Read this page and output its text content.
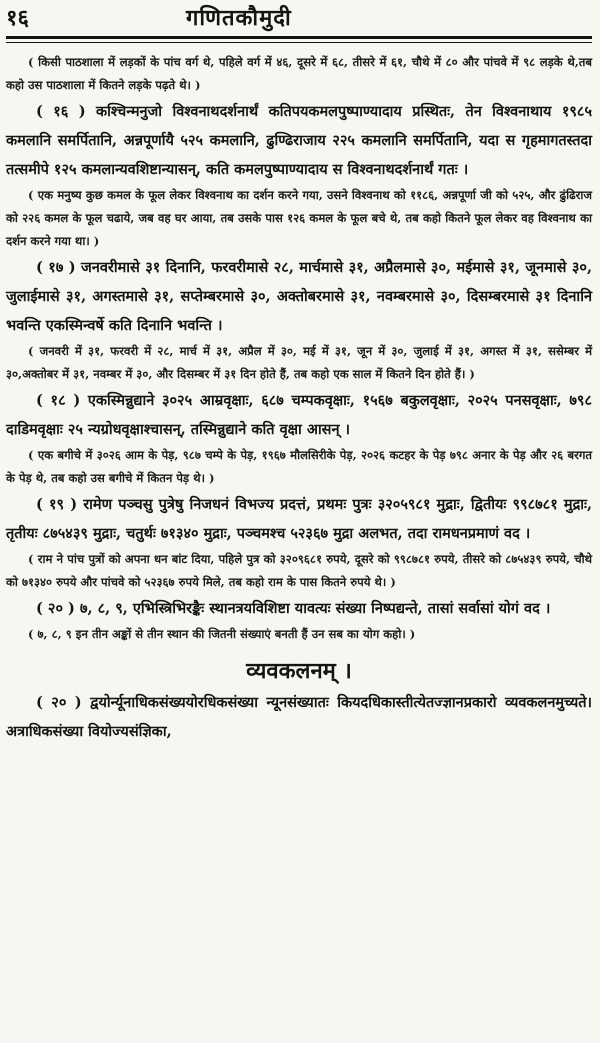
१६	गणितकौमुदी

( किसी पाठशाला में लड़कों के पांच वर्ग थे, पहिले वर्ग में ४६, दूसरे में ६८, तीसरे में ६१, चौथे में ८० और पांचवे में ९८ लड़के थे,तब कहो उस पाठशाला में कितने लड़के पढ़ते थे। )

( १६ ) कश्चिन्मनुजो विश्वनाथदर्शनार्थं कतिपयकमलपुष्पाण्यादाय प्रस्थितः, तेन विश्वनाथाय १९८५ कमलानि समर्पितानि, अन्नपूर्णायै ५२५ कमलानि, ढुण्ढिराजाय २२५ कमलानि समर्पितानि, यदा स गृहमागतस्तदा तत्समीपे १२५ कमलान्यवशिष्टान्यासन्, कति कमलपुष्पाण्यादाय स विश्वनाथदर्शनार्थं गतः ।

( एक मनुष्य कुछ कमल के फूल लेकर विश्वनाथ का दर्शन करने गया, उसने विश्वनाथ को ११८६, अन्नपूर्णा जी को ५२५, और ढुंढिराज को २२६ कमल के फूल चढाये, जब वह घर आया, तब उसके पास १२६ कमल के फूल बचे थे, तब कहो कितने फूल लेकर वह विश्वनाथ का दर्शन करने गया था। )

( १७ ) जनवरीमासे ३१ दिनानि, फरवरीमासे २८, मार्चमासे ३१, अप्रैलमासे ३०, मईमासे ३१, जूनमासे ३०, जुलाईमासे ३१, अगस्तमासे ३१, सप्तेम्बरमासे ३०, अक्तोबरमासे ३१, नवम्बरमासे ३०, दिसम्बरमासे ३१ दिनानि भवन्ति एकस्मिन्वर्षे कति दिनानि भवन्ति ।

( जनवरी में ३१, फरवरी में २८, मार्च में ३१, अप्रैल में ३०, मई में ३१, जून में ३०, जुलाई में ३१, अगस्त में ३१, ससेम्बर में ३०,अक्तोबर में ३१, नवम्बर में ३०, और दिसम्बर में ३१ दिन होते हैं, तब कहो एक साल में कितने दिन होते हैं। )

( १८ ) एकस्मिन्नुद्याने ३०२५ आम्रवृक्षाः, ६८७ चम्पकवृक्षाः, १५६७ बकुलवृक्षाः, २०२५ पनसवृक्षाः, ७९८ दाडिमवृक्षाः २५ न्यग्रोधवृक्षाश्चासन्, तस्मिन्नुद्याने कति वृक्षा आसन् ।

( एक बगीचे में ३०२६ आम के पेड़, ९८७ चम्पे के पेड़, १९६७ मौलसिरीके पेड़, २०२६ कटहर के पेड़ ७९८ अनार के पेड़ और २६ बरगत के पेड़ थे, तब कहो उस बगीचे में कितन पेड़ थे। )

( १९ ) रामेण पञ्चसु पुत्रेषु निजधनं विभज्य प्रदत्तं, प्रथमः पुत्रः ३२०५९८१ मुद्राः, द्वितीयः ९९८७८१ मुद्राः, तृतीयः ८७५४३९ मुद्राः, चतुर्थः ७१३४० मुद्राः, पञ्चमश्च ५२३६७ मुद्रा अलभत, तदा रामधनप्रमाणं वद ।

( राम ने पांच पुत्रों को अपना धन बांट दिया, पहिले पुत्र को ३२०९६८१ रुपये, दूसरे को ९९८७८१ रुपये, तीसरे को ८७५४३९ रुपये, चौथे को ७१३४० रुपये और पांचवे को ५२३६७ रुपये मिले, तब कहो राम के पास कितने रुपये थे। )

( २० ) ७, ८, ९, एभिस्त्रिभिरङ्कैः स्थानत्रयविशिष्टा यावत्यः संख्या निष्पद्यन्ते, तासां सर्वासां योगं वद ।

( ७, ८, ९ इन तीन अङ्कों से तीन स्थान की जितनी संख्याएं बनती हैं उन सब का योग कहो। )

व्यवकलनम् ।

( २० ) द्वयोर्न्यूनाधिकसंख्ययोरधिकसंख्या न्यूनसंख्यातः कियदधिकास्तीत्येतज्ज्ञानप्रकारो व्यवकलनमुच्यते। अत्राधिकसंख्या वियोज्यसंज्ञिका,
